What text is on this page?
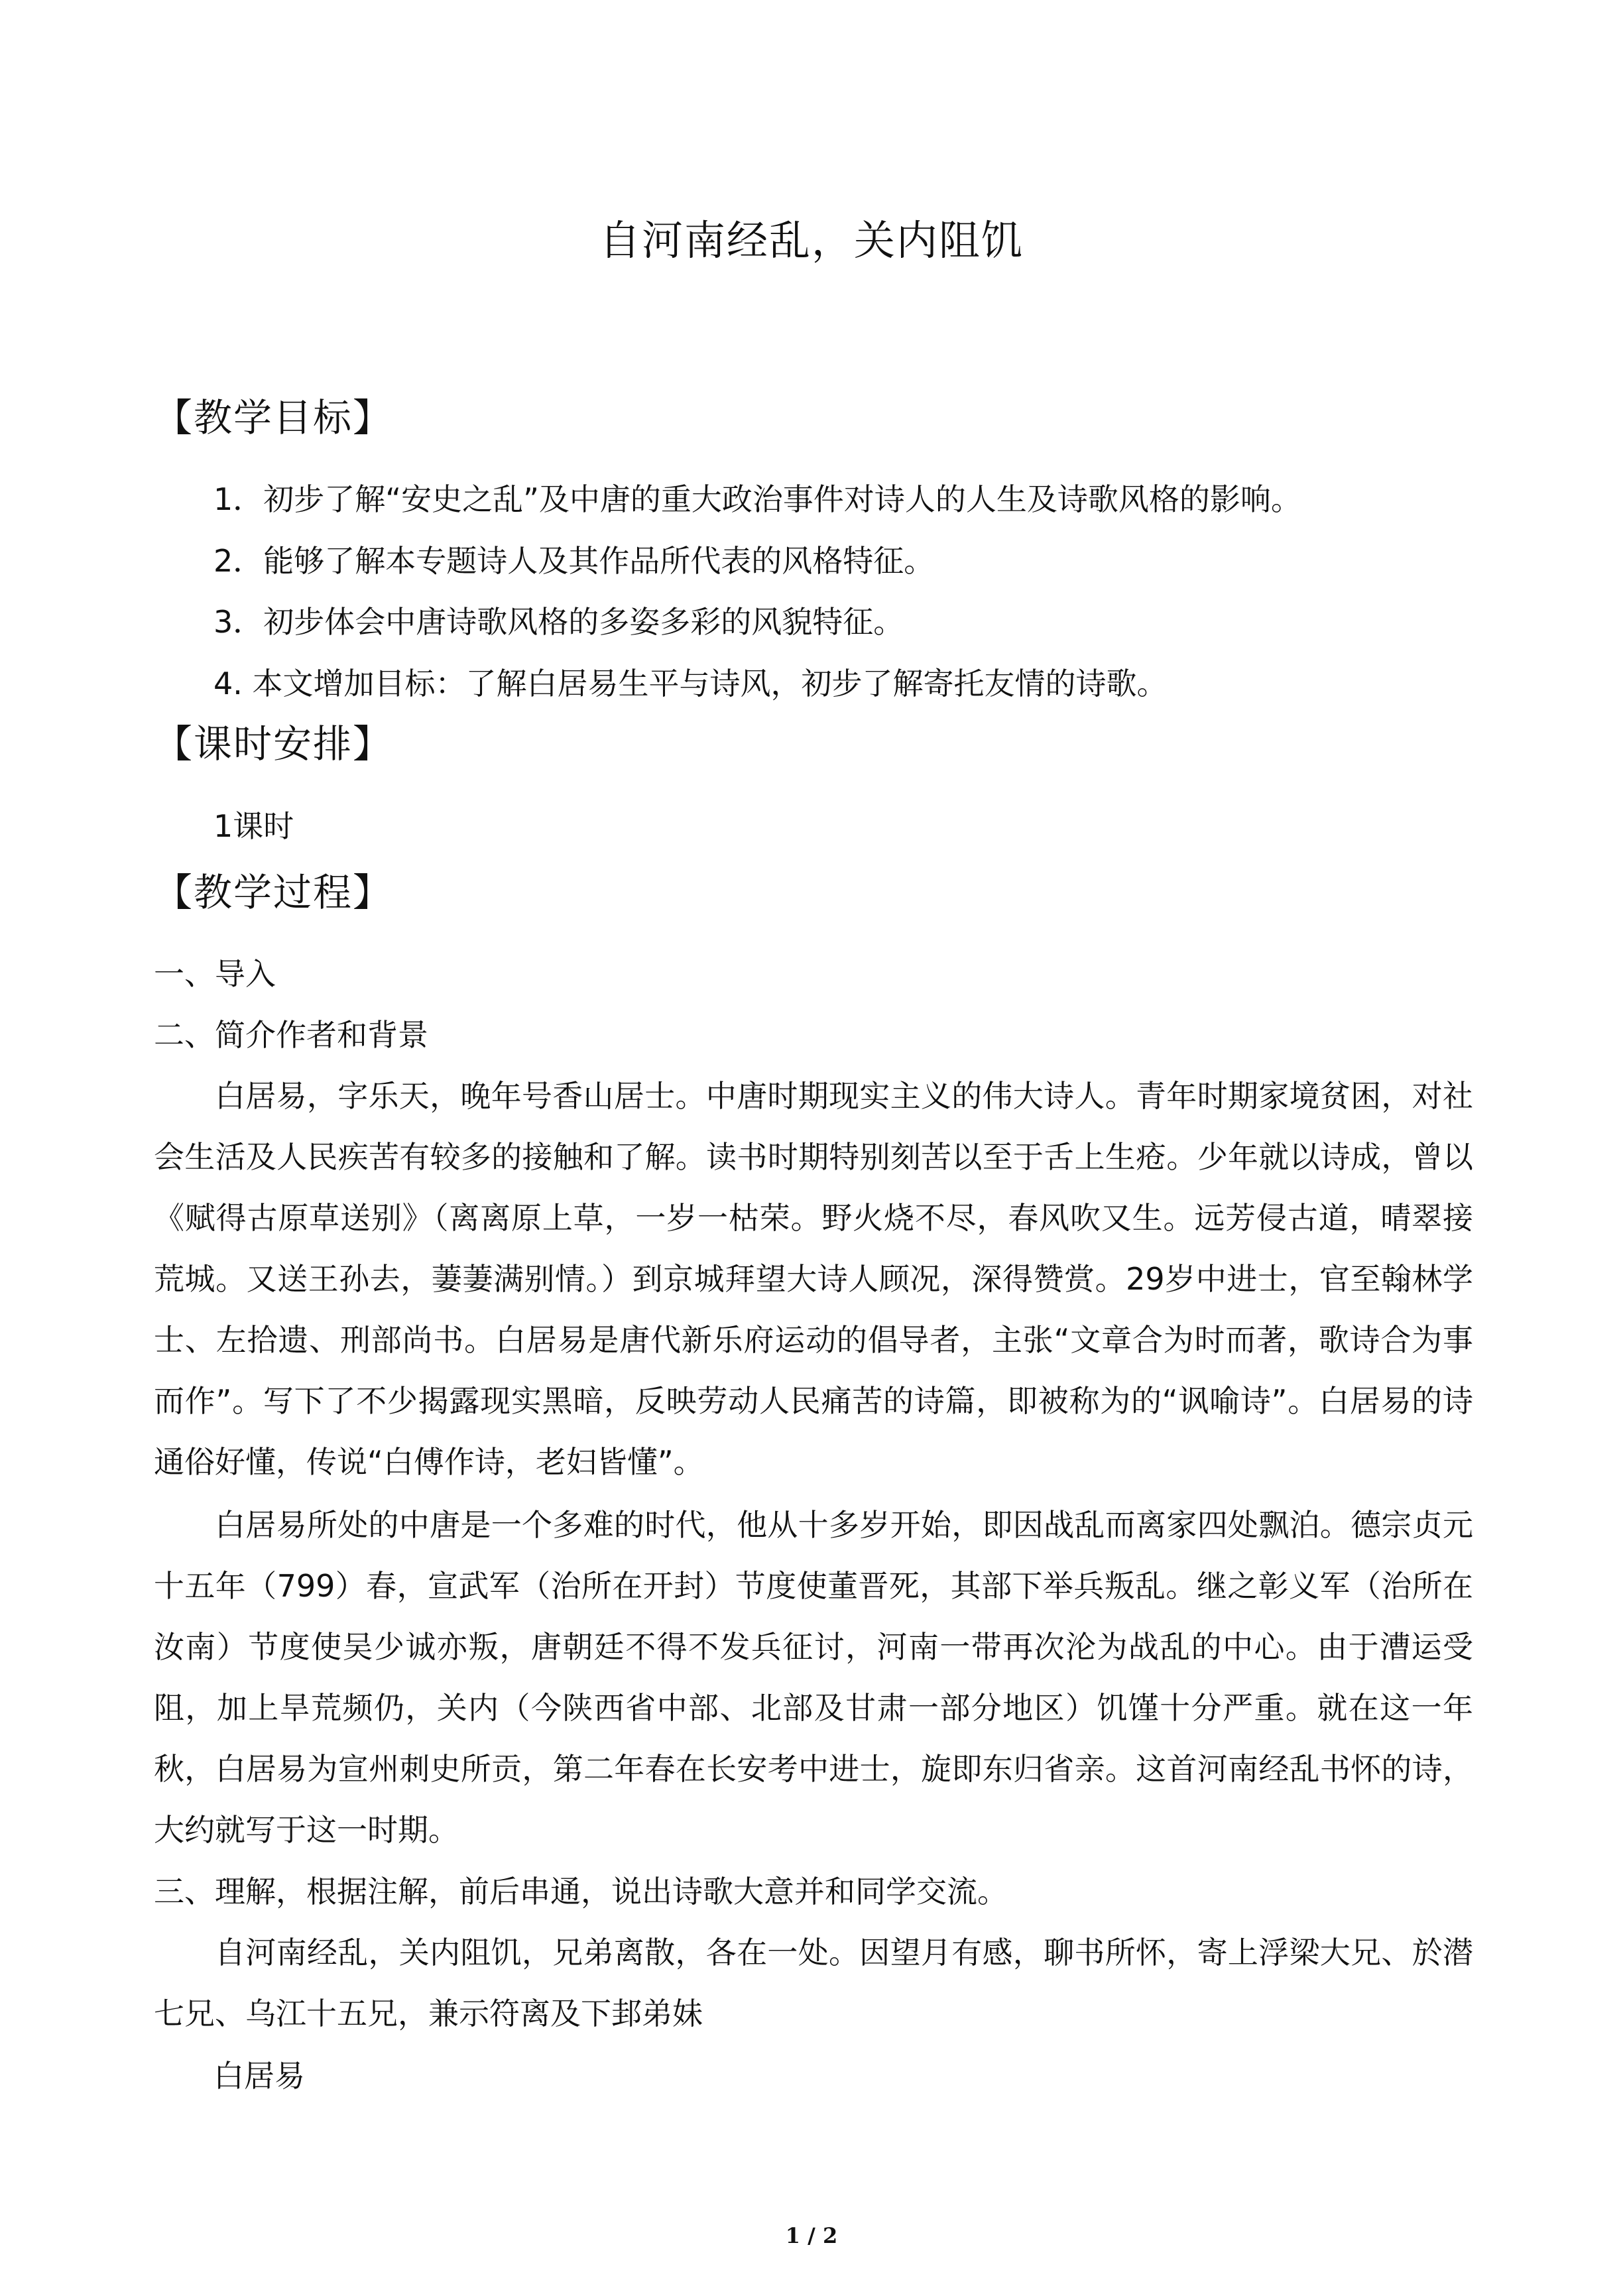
自河南经乱，关内阻饥
【教学目标】
1．初步了解“安史之乱”及中唐的重大政治事件对诗人的人生及诗歌风格的影响。
2．能够了解本专题诗人及其作品所代表的风格特征。
3．初步体会中唐诗歌风格的多姿多彩的风貌特征。
4. 本文增加目标：了解白居易生平与诗风，初步了解寄托友情的诗歌。
【课时安排】
1课时
【教学过程】
一、导入
二、简介作者和背景
白居易，字乐天，晚年号香山居士。中唐时期现实主义的伟大诗人。青年时期家境贫困，对社会生活及人民疾苦有较多的接触和了解。读书时期特别刻苦以至于舌上生疮。少年就以诗成，曾以《赋得古原草送别》（离离原上草，一岁一枯荣。野火烧不尽，春风吹又生。远芳侵古道，晴翠接荒城。又送王孙去，萋萋满别情。）到京城拜望大诗人顾况，深得赞赏。29岁中进士，官至翰林学士、左拾遗、刑部尚书。白居易是唐代新乐府运动的倡导者，主张“文章合为时而著，歌诗合为事而作”。写下了不少揭露现实黑暗，反映劳动人民痛苦的诗篇，即被称为的“讽喻诗”。白居易的诗通俗好懂，传说“白傅作诗，老妇皆懂”。
白居易所处的中唐是一个多难的时代，他从十多岁开始，即因战乱而离家四处飘泊。德宗贞元十五年（799）春，宣武军（治所在开封）节度使董晋死，其部下举兵叛乱。继之彰义军（治所在汝南）节度使吴少诚亦叛，唐朝廷不得不发兵征讨，河南一带再次沦为战乱的中心。由于漕运受阻，加上旱荒频仍，关内（今陕西省中部、北部及甘肃一部分地区）饥馑十分严重。就在这一年秋，白居易为宣州刺史所贡，第二年春在长安考中进士，旋即东归省亲。这首河南经乱书怀的诗，大约就写于这一时期。
三、理解，根据注解，前后串通，说出诗歌大意并和同学交流。
自河南经乱，关内阻饥，兄弟离散，各在一处。因望月有感，聊书所怀，寄上浮梁大兄、於潜七兄、乌江十五兄，兼示符离及下邽弟妹
白居易
1 / 2
